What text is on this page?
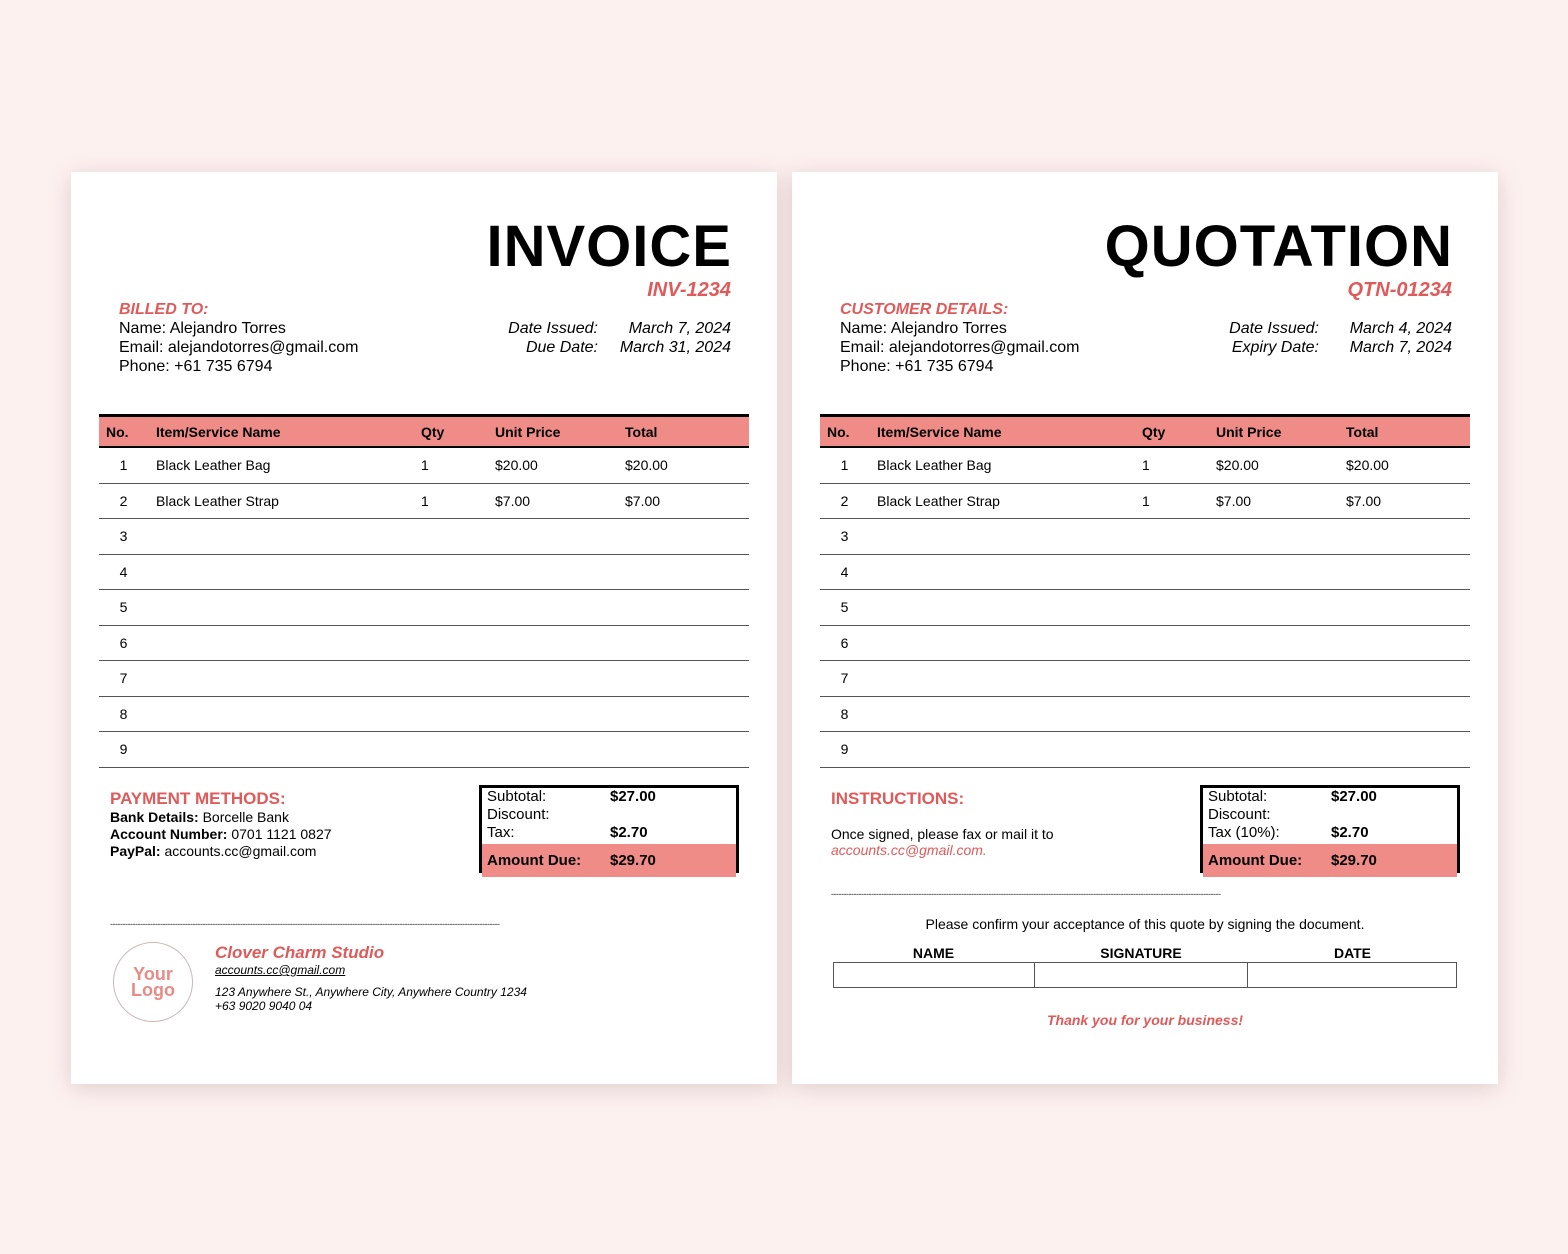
INVOICE
INV-1234
BILLED TO:
Name: Alejandro Torres
Email: alejandotorres@gmail.com
Phone: +61 735 6794
Date Issued:	March 7, 2024
Due Date:	March 31, 2024
No.	Item/Service Name	Qty	Unit Price	Total
1	Black Leather Bag	1	$20.00	$20.00
2	Black Leather Strap	1	$7.00	$7.00
3
4
5
6
7
8
9
PAYMENT METHODS:
Bank Details: Borcelle Bank
Account Number: 0701 1121 0827
PayPal: accounts.cc@gmail.com
Subtotal:	$27.00
Discount:
Tax:	$2.70
Amount Due:	$29.70
------------------------------------------------------------------------------------------------------------------------------------------------------------
Your
Logo
Clover Charm Studio
accounts.cc@gmail.com
123 Anywhere St., Anywhere City, Anywhere Country 1234
+63 9020 9040 04
QUOTATION
QTN-01234
CUSTOMER DETAILS:
Name: Alejandro Torres
Email: alejandotorres@gmail.com
Phone: +61 735 6794
Date Issued:	March 4, 2024
Expiry Date:	March 7, 2024
No.	Item/Service Name	Qty	Unit Price	Total
1	Black Leather Bag	1	$20.00	$20.00
2	Black Leather Strap	1	$7.00	$7.00
3
4
5
6
7
8
9
INSTRUCTIONS:
Once signed, please fax or mail it to
accounts.cc@gmail.com.
Subtotal:	$27.00
Discount:
Tax (10%):	$2.70
Amount Due:	$29.70
------------------------------------------------------------------------------------------------------------------------------------------------------------
Please confirm your acceptance of this quote by signing the document.
NAME	SIGNATURE	DATE
Thank you for your business!
